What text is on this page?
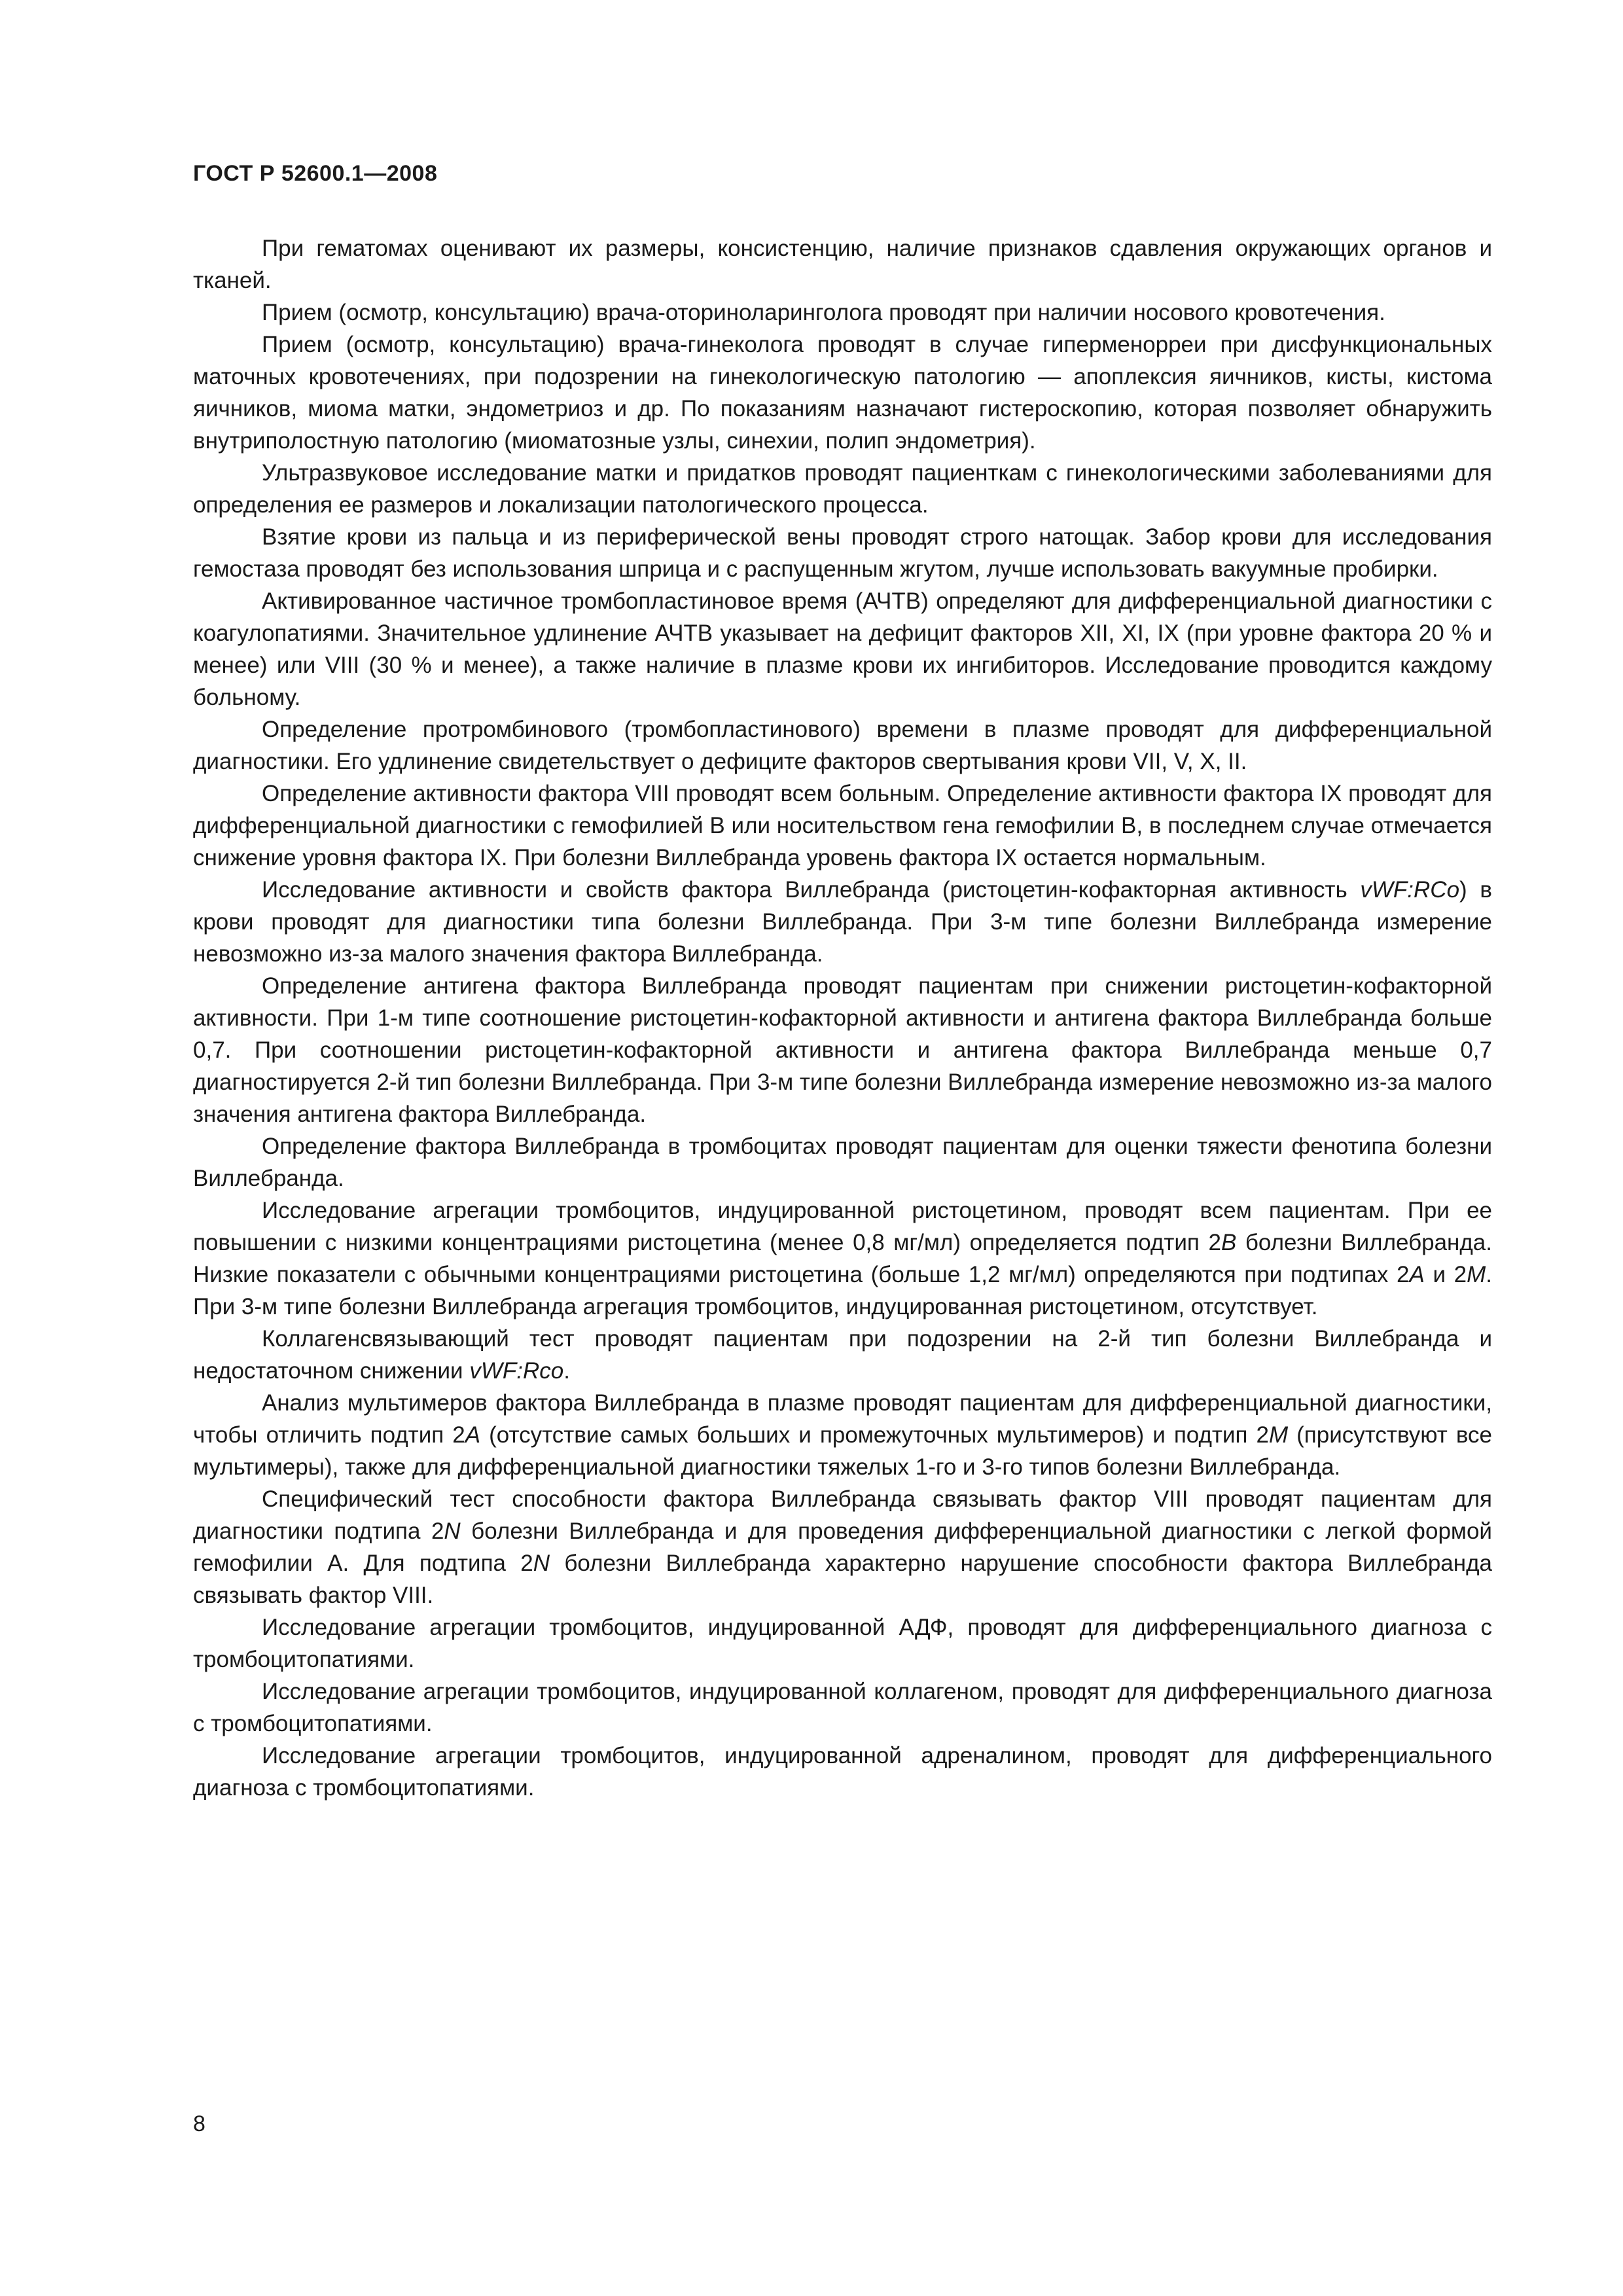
ГОСТ Р 52600.1—2008

При гематомах оценивают их размеры, консистенцию, наличие признаков сдавления окружающих органов и тканей.

Прием (осмотр, консультацию) врача-оториноларинголога проводят при наличии носового кровотечения.

Прием (осмотр, консультацию) врача-гинеколога проводят в случае гиперменорреи при дисфункциональных маточных кровотечениях, при подозрении на гинекологическую патологию — апоплексия яичников, кисты, кистома яичников, миома матки, эндометриоз и др. По показаниям назначают гистероскопию, которая позволяет обнаружить внутриполостную патологию (миоматозные узлы, синехии, полип эндометрия).

Ультразвуковое исследование матки и придатков проводят пациенткам с гинекологическими заболеваниями для определения ее размеров и локализации патологического процесса.

Взятие крови из пальца и из периферической вены проводят строго натощак. Забор крови для исследования гемостаза проводят без использования шприца и с распущенным жгутом, лучше использовать вакуумные пробирки.

Активированное частичное тромбопластиновое время (АЧТВ) определяют для дифференциальной диагностики с коагулопатиями. Значительное удлинение АЧТВ указывает на дефицит факторов XII, XI, IX (при уровне фактора 20 % и менее) или VIII (30 % и менее), а также наличие в плазме крови их ингибиторов. Исследование проводится каждому больному.

Определение протромбинового (тромбопластинового) времени в плазме проводят для дифференциальной диагностики. Его удлинение свидетельствует о дефиците факторов свертывания крови VII, V, X, II.

Определение активности фактора VIII проводят всем больным. Определение активности фактора IX проводят для дифференциальной диагностики с гемофилией В или носительством гена гемофилии В, в последнем случае отмечается снижение уровня фактора IX. При болезни Виллебранда уровень фактора IX остается нормальным.

Исследование активности и свойств фактора Виллебранда (ристоцетин-кофакторная активность vWF:RCo) в крови проводят для диагностики типа болезни Виллебранда. При 3-м типе болезни Виллебранда измерение невозможно из-за малого значения фактора Виллебранда.

Определение антигена фактора Виллебранда проводят пациентам при снижении ристоцетин-кофакторной активности. При 1-м типе соотношение ристоцетин-кофакторной активности и антигена фактора Виллебранда больше 0,7. При соотношении ристоцетин-кофакторной активности и антигена фактора Виллебранда меньше 0,7 диагностируется 2-й тип болезни Виллебранда. При 3-м типе болезни Виллебранда измерение невозможно из-за малого значения антигена фактора Виллебранда.

Определение фактора Виллебранда в тромбоцитах проводят пациентам для оценки тяжести фенотипа болезни Виллебранда.

Исследование агрегации тромбоцитов, индуцированной ристоцетином, проводят всем пациентам. При ее повышении с низкими концентрациями ристоцетина (менее 0,8 мг/мл) определяется подтип 2B болезни Виллебранда. Низкие показатели с обычными концентрациями ристоцетина (больше 1,2 мг/мл) определяются при подтипах 2A и 2M. При 3-м типе болезни Виллебранда агрегация тромбоцитов, индуцированная ристоцетином, отсутствует.

Коллагенсвязывающий тест проводят пациентам при подозрении на 2-й тип болезни Виллебранда и недостаточном снижении vWF:Rco.

Анализ мультимеров фактора Виллебранда в плазме проводят пациентам для дифференциальной диагностики, чтобы отличить подтип 2A (отсутствие самых больших и промежуточных мультимеров) и подтип 2M (присутствуют все мультимеры), также для дифференциальной диагностики тяжелых 1-го и 3-го типов болезни Виллебранда.

Специфический тест способности фактора Виллебранда связывать фактор VIII проводят пациентам для диагностики подтипа 2N болезни Виллебранда и для проведения дифференциальной диагностики с легкой формой гемофилии А. Для подтипа 2N болезни Виллебранда характерно нарушение способности фактора Виллебранда связывать фактор VIII.

Исследование агрегации тромбоцитов, индуцированной АДФ, проводят для дифференциального диагноза с тромбоцитопатиями.

Исследование агрегации тромбоцитов, индуцированной коллагеном, проводят для дифференциального диагноза с тромбоцитопатиями.

Исследование агрегации тромбоцитов, индуцированной адреналином, проводят для дифференциального диагноза с тромбоцитопатиями.

8
